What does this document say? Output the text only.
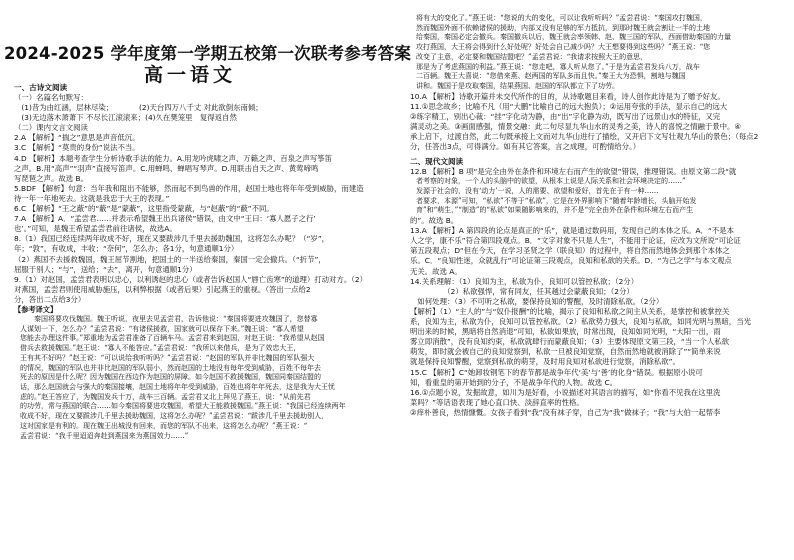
2024-2025 学年度第一学期五校第一次联考参考答案
高一语文
一、古诗文阅读
（一）名篇名句默写：
　(1)昔为由红涵，层林尽染；　　　　(2)天台四万八千丈 对此欲倒东南倾；
　(3)无边落木萧萧下 不尽长江滚滚来；(4)久在樊笼里　复得返自然
（二）课内文言文阅读
2.A 【解析】“揣之”意思是声音低沉。
3.C 【解析】“莫贵的身份”说法不当。
4.D 【解析】本题考查学生分析诗歌手法的能力。A.用龙吟虎啸之声、万籁之声、百泉之声写筝笛
之声。B.用“高声”“羽声”直接写笛声。C.用蝉鸣、蝉唱写琴声。D.用联击自天之声、黄莺啼鸣
写琵琶之声。故选 B。
5.BDF 【解析】句意：当年我和阻出不能够，然而起不到鸟兽的作用，赵国士地也将年年受到威胁，而建造
待一年一年地死去。这就是我忠于大王的表现。”
6.C 【解析】“王之蔽”的“蔽”是“蒙蔽”，这里指受蒙蔽，与“赵蔽”的“蔽”不同。
7.A 【解析】A．“孟尝君……并表示希望魏王出兵诸侯”错误，由文中“王曰：‘寡人愿子之行’
也’。”可知，是魏王希望孟尝君前往诸侯，故选A。
8.（1）我国已经连续两年收成不好，现在又要跋涉几千里去援助魏国，这将怎么办呢？（“岁”，
年；“敦”，有收成，丰收；“奈何”，怎么办；各1分，句意通顺1分）
（2）燕国不去援救魏国，魏王屈节割地，把国土的一半送给秦国，秦国一定会撤兵。（“折节”，
屈服于别人；“与”，送给；“去”，离开，句意通顺1分）
9.（1）对赵国，孟尝君表明以忠心，以利诱赵的忠心（或者告诉赵国人“唇亡齿寒”的道理）打动对方。（2）
对燕国，孟尝君则使用威胁施压，以利弊根据（或者后果）引起燕王的重视。（答出一点给2
分，答出二点给3分）
【参考译文】
　　秦国将要攻伐魏国。魏王听说，夜里去见孟尝君，告诉他说：“秦国将要进攻魏国了，您替寡
人谋划一下，怎么办？”孟尝君说：“有诸侯援救，国家就可以保存下来。”魏王说：“寡人希望
您能去办理这件事。”郑重地为孟尝君准备了百辆车马。孟尝君来到赵国，对赵王说：“我希望从赵国
借兵去救援魏国。”赵王说：“寡人不能答应。”孟尝君说：“我所以来借兵，是为了效忠大王，
王有其不好吗？”赵王说：“可以说给我听听吗？”孟尝君说：“赵国的军队并非比魏国的军队强大
的情况，魏国的军队也并非比赵国的军队弱小，然而赵国的土地没有每年受到威胁，百姓不每年去
死去的原因是什么呢？因为魏国在西边作为赵国的屏障。如今赵国不救援魏国，魏国同秦国结盟的
话，那么赵国就会与强大的秦国接壤，赵国土地将年年受到威胁，百姓也将年年死去，这是我为大王忧
虑的。”赵王答应了，为魏国发兵十万，战车三百辆。孟尝君又北上拜见了燕王，说：“从前先君
的功劳，常与燕国的联合……如今秦国将要进攻魏国，希望大王能救援魏国。”燕王说：“我国已经连续两年
收成不好，现在又要跋涉几千里去援助魏国，这将怎么办呢？”孟尝君说：“跋涉几千里去援助别人，
这对国家是有利的。现在魏王出城没有回来，而您的军队不出来，这将怎么办呢？”燕王说：“
孟尝君说：“我千里迢迢奔赴到燕国来为燕国效力……”
将有大的变化了。”燕王说：“您说的大的变化，可以让我听听吗？”孟尝君说：“秦国攻打魏国，
然而魏国外面不依赖诸侯的援助，内部又没有足够的军力抵抗，到那时魏王就会割让一半的土地
给秦国，秦国必定会撤兵。秦国撤兵以后，魏王就会率领韩、赵、魏三国的军队，西面借助秦国的力量
攻打燕国，大王将会得到什么好处呢？好处会自己减少吗？大王想要得到这些吗？”燕王说：“您
改变了主意，必定要和魏国结盟吧？”孟尝君说：“我请求按照大王的意思，
那是为了考虑燕国的利益。”燕王说：“您走吧，寡人听从您了。”于是为孟尝君发兵八万，战车
二百辆。魏王大喜说：“您借来燕、赵两国的军队多而且快。”秦王大为恐惧，割地与魏国
讲和。魏国于是攻取秦国，结果燕国、赵国的军队都立下了功劳。
10.A 【解析】诗歌开篇并未交代所作的目的，从诗歌题目来看，诗人创作此诗是为了赠予好友。
11.①思念故乡；比喻不凡（用“大鹏”比喻自己的远大抱负）；②运用夸张的手法，显示自己的远大
②练字精工，别出心裁：“挂”字化动为静，由“出”字化静为动，既写出了远景山水的特征，又完
满灵动之美。③画面感强，情景交融：此二句尽显九华山水的灵秀之美，诗人的喜悦之情融于景中。④
承上启下，过渡自然，此二句既承接上文而对九华山进行了描绘，又开启下文写壮观九华山的景色；（每点2
分，任答出3点，可得满分。如有其它答案，言之成理，可酌情给分。）
二、现代文阅读
12.B 【解析】B 项“是完全由外在条件和环境左右而产生的欲望”错误，推理错误。由原文第二段“就
者考察的对象，一个人的头脑中的欲望，从根本上说是人际关系和社会环境决定的……”
发源于社会的，没有‘动力’一说，人的需要、欲望和爱好，首先在于有一种……
者要求，本源”可知，“私欲”不等于“私欲”，它是在外界影响下“随着年龄增长，头脑开始发
育”和“萌生，”“制造”的“私欲”如果随影响来的，并不是“完全由外在条件和环境左右而产生
的”。故选 B。
13.A 【解析】A 第四段的论点是真正的“乐”，就是通过数码用，发现自己的本体之乐。A．“不是本
人之学，康不乐”符合第四段观点。B．“文字对象不只是人生”，不能用于论证，应改为文所说“可论证
第五段观点；D“但在今天，在学习圣贤之学（联良知）的过程中，将自然而然地体会到那个本体之
乐。C．“良知性迷，众就乱行”可论证第三段观点，良知和私欲的关系。D．“为己之学”与本文观点
无关。故选 A。
14.关系理解：（1）良知为主，私欲为仆，良知可以管控私欲；（2分）
　　　　　（2）私欲强悍，常有同友，任其越过会蒙蔽良知；（2分）
　如何处理：（3）不可听之私欲，要保持良知的警醒，及时清除私欲。（2分）
【解析】（1）“主人的”与“奴仆报酬”的比喻，揭示了良知和私欲之间主从关系，是掌控和被掌控关
系，良知为主，私欲为仆，良知可以管控私欲。（2）私欲势力强大，良知与私欲，如同光明与黑暗，当光
明出来的时候，黑暗将自然消退”可知，私欲如果放，时常出现，良知如同光明，“大阳一出，雨
雾立即消散”，没有良知约束，私欲就肆行而蒙蔽良知；（3）主要体现原文第三段，“当一个人私欲
萌发，即时就会被自己的良知觉察到，私欲一旦被良知觉察，自然而然地就被消除了”“简单来说
就是保持良知警醒，觉察到私欲的萌芽，及时用良知对私欲进行觉察，消除私欲”。
15.C 【解析】C“她卸妆钢笔下的春节都是战争年代‘美’与‘善’的化身”错误。根据原小说可
知，看重皇的第开始到的分子，不是战争年代的人物。故选 C。
16.①点题小说，发掘故意，如川为是好看，小说描述对其语言的描写，如“你看不见我在这里洗
菜吗？”等话语表现了她心直口快、淡辞直率的性格。
②痒朴善良，热情慷慨。女孩子看到“我”没有袜子穿，自己为“我”做袜子；“我”与大伯一起帮李
